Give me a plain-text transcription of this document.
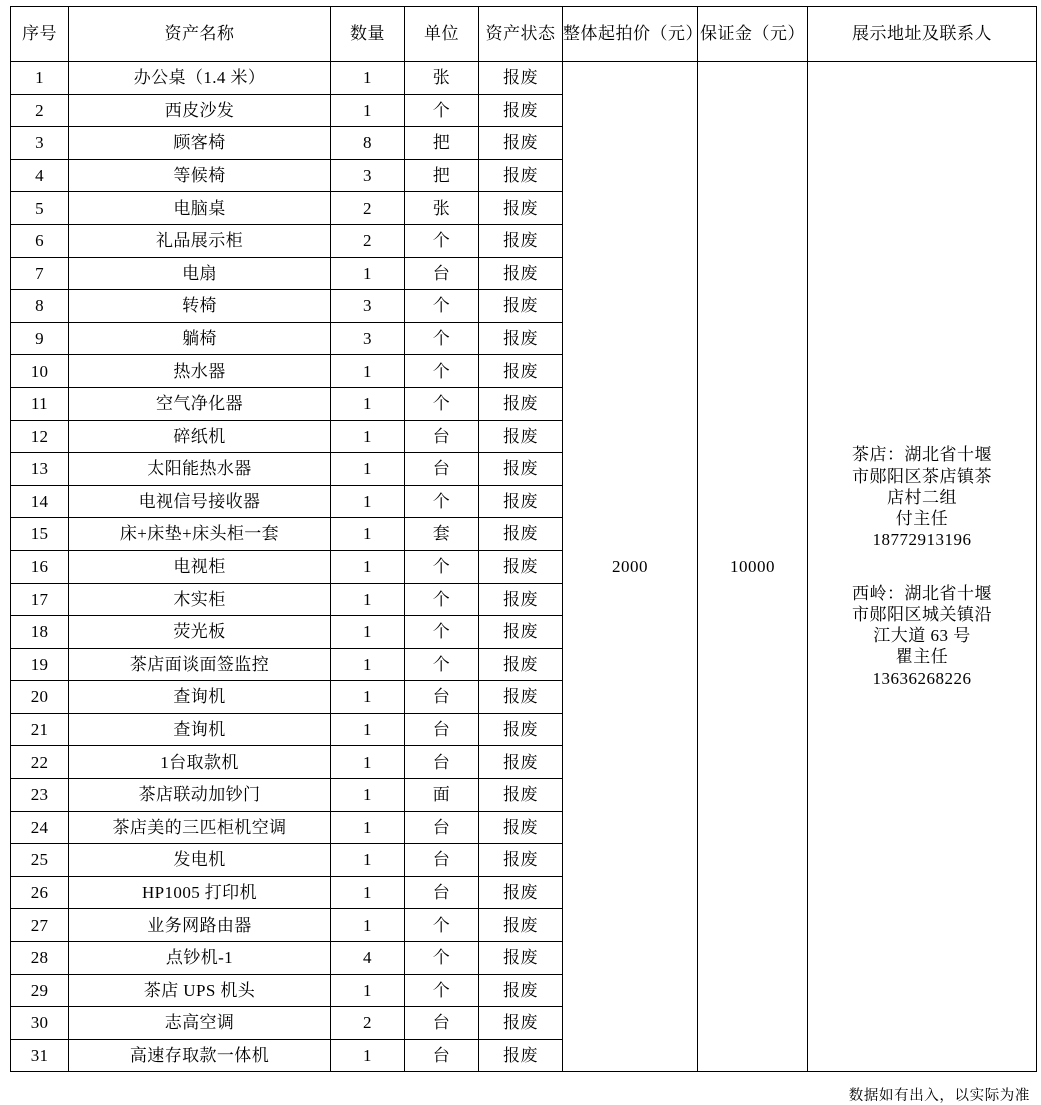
序号	资产名称	数量	单位	资产状态	整体起拍价（元）	保证金（元）	展示地址及联系人
1	办公桌（1.4 米）	1	张	报废	2000	10000	
茶店：湖北省十堰
市郧阳区茶店镇茶
店村二组
付主任
18772913196
西岭：湖北省十堰
市郧阳区城关镇沿
江大道 63 号
瞿主任
13636268226

2	西皮沙发	1	个	报废			
3	顾客椅	8	把	报废			
4	等候椅	3	把	报废			
5	电脑桌	2	张	报废			
6	礼品展示柜	2	个	报废			
7	电扇	1	台	报废			
8	转椅	3	个	报废			
9	躺椅	3	个	报废			
10	热水器	1	个	报废			
11	空气净化器	1	个	报废			
12	碎纸机	1	台	报废			
13	太阳能热水器	1	台	报废			
14	电视信号接收器	1	个	报废			
15	床+床垫+床头柜一套	1	套	报废			
16	电视柜	1	个	报废			
17	木实柜	1	个	报废			
18	荧光板	1	个	报废			
19	茶店面谈面签监控	1	个	报废			
20	查询机	1	台	报废			
21	查询机	1	台	报废			
22	1台取款机	1	台	报废			
23	茶店联动加钞门	1	面	报废			
24	茶店美的三匹柜机空调	1	台	报废			
25	发电机	1	台	报废			
26	HP1005 打印机	1	台	报废			
27	业务网路由器	1	个	报废			
28	点钞机-1	4	个	报废			
29	茶店 UPS 机头	1	个	报废			
30	志高空调	2	台	报废			
31	高速存取款一体机	1	台	报废			
数据如有出入，以实际为准
